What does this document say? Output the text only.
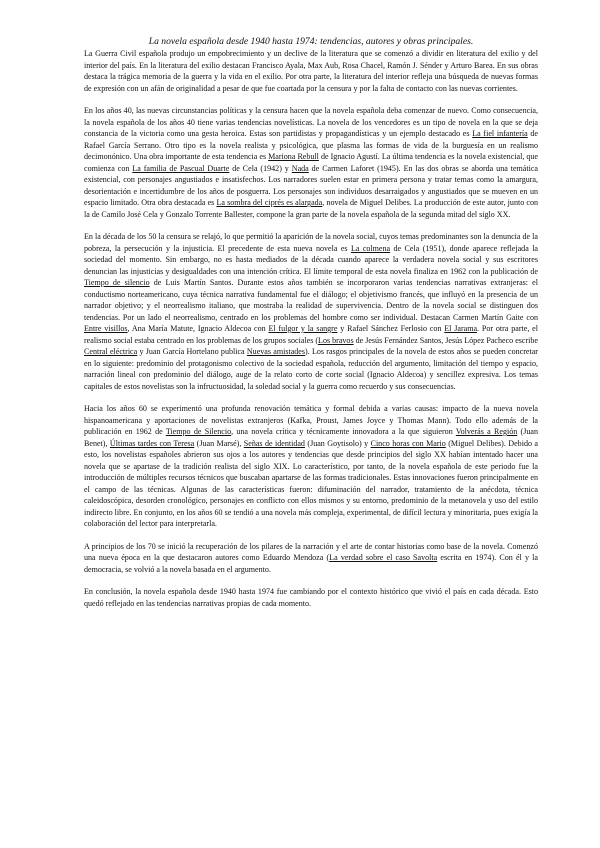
La novela española desde 1940 hasta 1974: tendencias, autores y obras principales.

La Guerra Civil española produjo un empobrecimiento y un declive de la literatura que se comenzó a dividir en literatura del exilio y del interior del país. En la literatura del exilio destacan Francisco Ayala, Max Aub, Rosa Chacel, Ramón J. Sénder y Arturo Barea. En sus obras destaca la trágica memoria de la guerra y la vida en el exilio. Por otra parte, la literatura del interior refleja una búsqueda de nuevas formas de expresión con un afán de originalidad a pesar de que fue coartada por la censura y por la falta de contacto con las nuevas corrientes.

En los años 40, las nuevas circunstancias políticas y la censura hacen que la novela española deba comenzar de nuevo. Como consecuencia, la novela española de los años 40 tiene varias tendencias novelísticas. La novela de los vencedores es un tipo de novela en la que se deja constancia de la victoria como una gesta heroica. Estas son partidistas y propagandísticas y un ejemplo destacado es La fiel infantería de Rafael García Serrano. Otro tipo es la novela realista y psicológica, que plasma las formas de vida de la burguesía en un realismo decimonónico. Una obra importante de esta tendencia es Mariona Rebull de Ignacio Agustí. La última tendencia es la novela existencial, que comienza con La familia de Pascual Duarte de Cela (1942) y Nada de Carmen Laforet (1945). En las dos obras se aborda una temática existencial, con personajes angustiados e insatisfechos. Los narradores suelen estar en primera persona y tratar temas como la amargura, desorientación e incertidumbre de los años de posguerra. Los personajes son individuos desarraigados y angustiados que se mueven en un espacio limitado. Otra obra destacada es La sombra del ciprés es alargada, novela de Miguel Delibes. La producción de este autor, junto con la de Camilo José Cela y Gonzalo Torrente Ballester, compone la gran parte de la novela española de la segunda mitad del siglo XX.

En la década de los 50 la censura se relajó, lo que permitió la aparición de la novela social, cuyos temas predominantes son la denuncia de la pobreza, la persecución y la injusticia. El precedente de esta nueva novela es La colmena de Cela (1951), donde aparece reflejada la sociedad del momento. Sin embargo, no es hasta mediados de la década cuando aparece la verdadera novela social y sus escritores denuncian las injusticias y desigualdades con una intención crítica. El límite temporal de esta novela finaliza en 1962 con la publicación de Tiempo de silencio de Luis Martín Santos. Durante estos años también se incorporaron varias tendencias narrativas extranjeras: el conductismo norteamericano, cuya técnica narrativa fundamental fue el diálogo; el objetivismo francés, que influyó en la presencia de un narrador objetivo; y el neorrealismo italiano, que mostraba la realidad de supervivencia. Dentro de la novela social se distinguen dos tendencias. Por un lado el neorrealismo, centrado en los problemas del hombre como ser individual. Destacan Carmen Martín Gaite con Entre visillos, Ana María Matute, Ignacio Aldecoa con El fulgor y la sangre y Rafael Sánchez Ferlosio con El Jarama. Por otra parte, el realismo social estaba centrado en los problemas de los grupos sociales (Los bravos de Jesús Fernández Santos, Jesús López Pacheco escribe Central eléctrica y Juan García Hortelano publica Nuevas amistades). Los rasgos principales de la novela de estos años se pueden concretar en lo siguiente: predominio del protagonismo colectivo de la sociedad española, reducción del argumento, limitación del tiempo y espacio, narración lineal con predominio del diálogo, auge de la relato corto de corte social (Ignacio Aldecoa) y sencillez expresiva. Los temas capitales de estos novelistas son la infructuosidad, la soledad social y la guerra como recuerdo y sus consecuencias.

Hacia los años 60 se experimentó una profunda renovación temática y formal debida a varias causas: impacto de la nueva novela hispanoamericana y aportaciones de novelistas extranjeros (Kafka, Proust, James Joyce y Thomas Mann). Todo ello además de la publicación en 1962 de Tiempo de Silencio, una novela crítica y técnicamente innovadora a la que siguieron Volverás a Región (Juan Benet), Últimas tardes con Teresa (Juan Marsé), Señas de identidad (Juan Goytisolo) y Cinco horas con Mario (Miguel Delibes). Debido a esto, los novelistas españoles abrieron sus ojos a los autores y tendencias que desde principios del siglo XX habían intentado hacer una novela que se apartase de la tradición realista del siglo XIX. Lo característico, por tanto, de la novela española de este periodo fue la introducción de múltiples recursos técnicos que buscaban apartarse de las formas tradicionales. Estas innovaciones fueron principalmente en el campo de las técnicas. Algunas de las características fueron: difuminación del narrador, tratamiento de la anécdota, técnica caleidoscópica, desorden cronológico, personajes en conflicto con ellos mismos y su entorno, predominio de la metanovela y uso del estilo indirecto libre. En conjunto, en los años 60 se tendió a una novela más compleja, experimental, de difícil lectura y minoritaria, pues exigía la colaboración del lector para interpretarla.

A principios de los 70 se inició la recuperación de los pilares de la narración y el arte de contar historias como base de la novela. Comenzó una nueva época en la que destacaron autores como Eduardo Mendoza (La verdad sobre el caso Savolta escrita en 1974). Con él y la democracia, se volvió a la novela basada en el argumento.

En conclusión, la novela española desde 1940 hasta 1974 fue cambiando por el contexto histórico que vivió el país en cada década. Esto quedó reflejado en las tendencias narrativas propias de cada momento.
